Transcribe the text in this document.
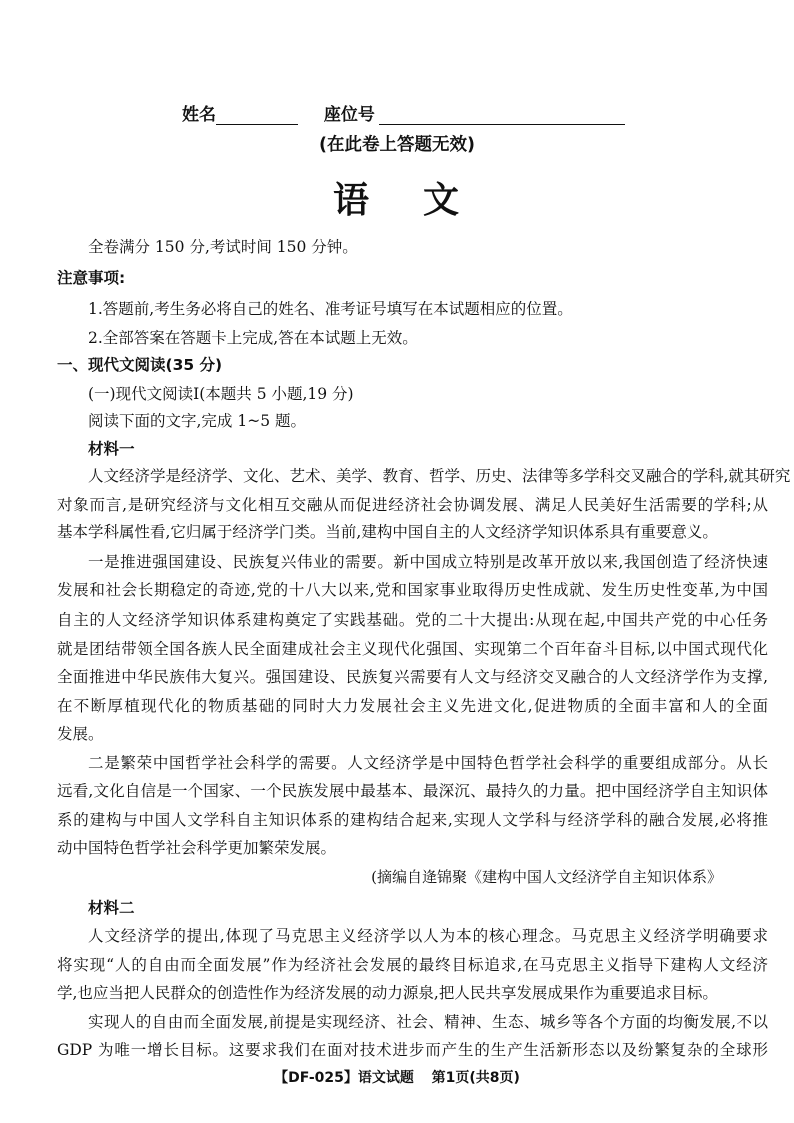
姓名	座位号
(在此卷上答题无效)
语 文
全卷满分 150 分,考试时间 150 分钟。
注意事项:
1.答题前,考生务必将自己的姓名、准考证号填写在本试题相应的位置。
2.全部答案在答题卡上完成,答在本试题上无效。
一、现代文阅读(35 分)
(一)现代文阅读Ⅰ(本题共 5 小题,19 分)
阅读下面的文字,完成 1~5 题。
材料一
人文经济学是经济学、文化、艺术、美学、教育、哲学、历史、法律等多学科交叉融合的学科,就其研究
对象而言,是研究经济与文化相互交融从而促进经济社会协调发展、满足人民美好生活需要的学科;从
基本学科属性看,它归属于经济学门类。当前,建构中国自主的人文经济学知识体系具有重要意义。
一是推进强国建设、民族复兴伟业的需要。新中国成立特别是改革开放以来,我国创造了经济快速
发展和社会长期稳定的奇迹,党的十八大以来,党和国家事业取得历史性成就、发生历史性变革,为中国
自主的人文经济学知识体系建构奠定了实践基础。党的二十大提出:从现在起,中国共产党的中心任务
就是团结带领全国各族人民全面建成社会主义现代化强国、实现第二个百年奋斗目标,以中国式现代化
全面推进中华民族伟大复兴。强国建设、民族复兴需要有人文与经济交叉融合的人文经济学作为支撑,
在不断厚植现代化的物质基础的同时大力发展社会主义先进文化,促进物质的全面丰富和人的全面
发展。
二是繁荣中国哲学社会科学的需要。人文经济学是中国特色哲学社会科学的重要组成部分。从长
远看,文化自信是一个国家、一个民族发展中最基本、最深沉、最持久的力量。把中国经济学自主知识体
系的建构与中国人文学科自主知识体系的建构结合起来,实现人文学科与经济学科的融合发展,必将推
动中国特色哲学社会科学更加繁荣发展。
(摘编自逄锦聚《建构中国人文经济学自主知识体系》
材料二
人文经济学的提出,体现了马克思主义经济学以人为本的核心理念。马克思主义经济学明确要求
将实现“人的自由而全面发展”作为经济社会发展的最终目标追求,在马克思主义指导下建构人文经济
学,也应当把人民群众的创造性作为经济发展的动力源泉,把人民共享发展成果作为重要追求目标。
实现人的自由而全面发展,前提是实现经济、社会、精神、生态、城乡等各个方面的均衡发展,不以
GDP 为唯一增长目标。这要求我们在面对技术进步而产生的生产生活新形态以及纷繁复杂的全球形
【DF-025】语文试题 第1页(共8页)
